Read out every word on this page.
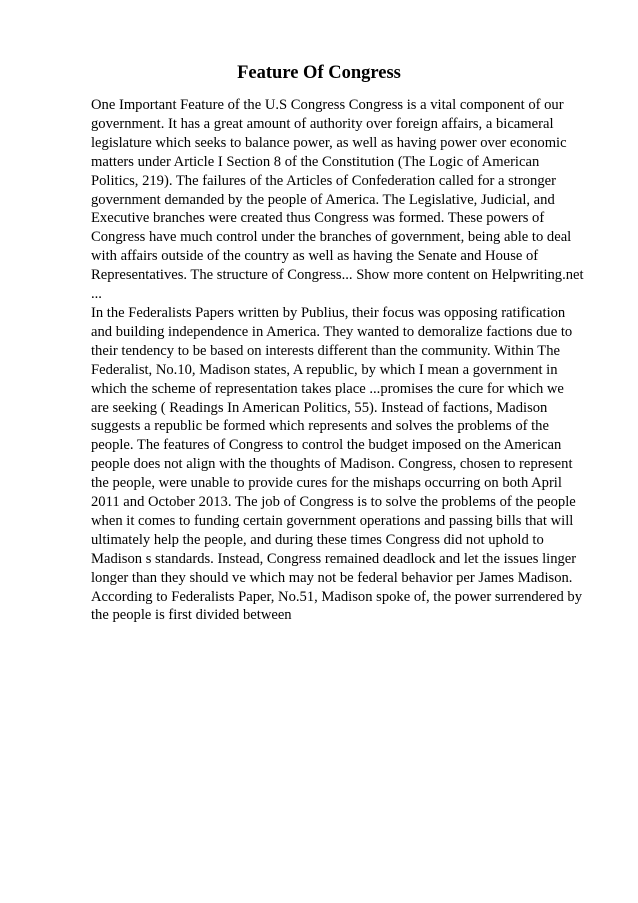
Feature Of Congress
One Important Feature of the U.S Congress Congress is a vital component of our
government. It has a great amount of authority over foreign affairs, a bicameral
legislature which seeks to balance power, as well as having power over economic
matters under Article I Section 8 of the Constitution (The Logic of American
Politics, 219). The failures of the Articles of Confederation called for a stronger
government demanded by the people of America. The Legislative, Judicial, and
Executive branches were created thus Congress was formed. These powers of
Congress have much control under the branches of government, being able to deal
with affairs outside of the country as well as having the Senate and House of
Representatives. The structure of Congress... Show more content on Helpwriting.net
...
In the Federalists Papers written by Publius, their focus was opposing ratification
and building independence in America. They wanted to demoralize factions due to
their tendency to be based on interests different than the community. Within The
Federalist, No.10, Madison states, A republic, by which I mean a government in
which the scheme of representation takes place ...promises the cure for which we
are seeking ( Readings In American Politics, 55). Instead of factions, Madison
suggests a republic be formed which represents and solves the problems of the
people. The features of Congress to control the budget imposed on the American
people does not align with the thoughts of Madison. Congress, chosen to represent
the people, were unable to provide cures for the mishaps occurring on both April
2011 and October 2013. The job of Congress is to solve the problems of the people
when it comes to funding certain government operations and passing bills that will
ultimately help the people, and during these times Congress did not uphold to
Madison s standards. Instead, Congress remained deadlock and let the issues linger
longer than they should ve which may not be federal behavior per James Madison.
According to Federalists Paper, No.51, Madison spoke of, the power surrendered by
the people is first divided between
